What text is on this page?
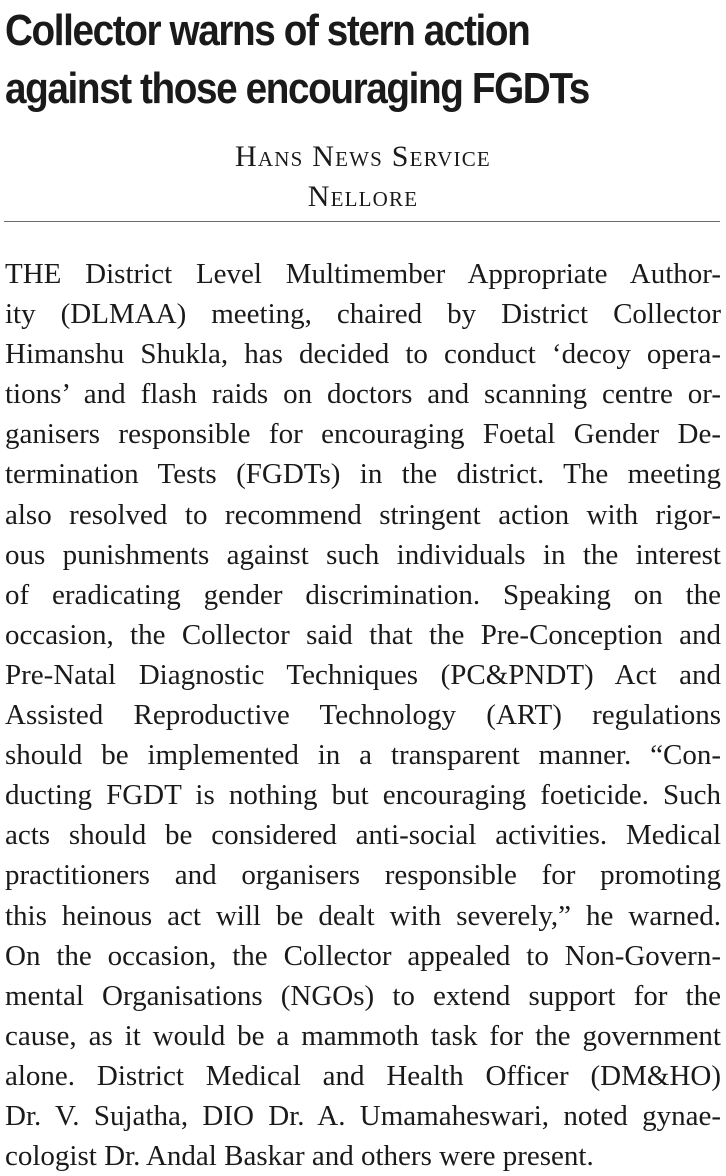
Collector warns of stern action
against those encouraging FGDTs
Hans News Service
Nellore
THE District Level Multimember Appropriate Author-
ity (DLMAA) meeting, chaired by District Collector
Himanshu Shukla, has decided to conduct ‘decoy opera-
tions’ and flash raids on doctors and scanning centre or-
ganisers responsible for encouraging Foetal Gender De-
termination Tests (FGDTs) in the district. The meeting
also resolved to recommend stringent action with rigor-
ous punishments against such individuals in the interest
of eradicating gender discrimination. Speaking on the
occasion, the Collector said that the Pre-Conception and
Pre-Natal Diagnostic Techniques (PC&PNDT) Act and
Assisted Reproductive Technology (ART) regulations
should be implemented in a transparent manner. “Con-
ducting FGDT is nothing but encouraging foeticide. Such
acts should be considered anti-social activities. Medical
practitioners and organisers responsible for promoting
this heinous act will be dealt with severely,” he warned.
On the occasion, the Collector appealed to Non-Govern-
mental Organisations (NGOs) to extend support for the
cause, as it would be a mammoth task for the government
alone. District Medical and Health Officer (DM&HO)
Dr. V. Sujatha, DIO Dr. A. Umamaheswari, noted gynae-
cologist Dr. Andal Baskar and others were present.
